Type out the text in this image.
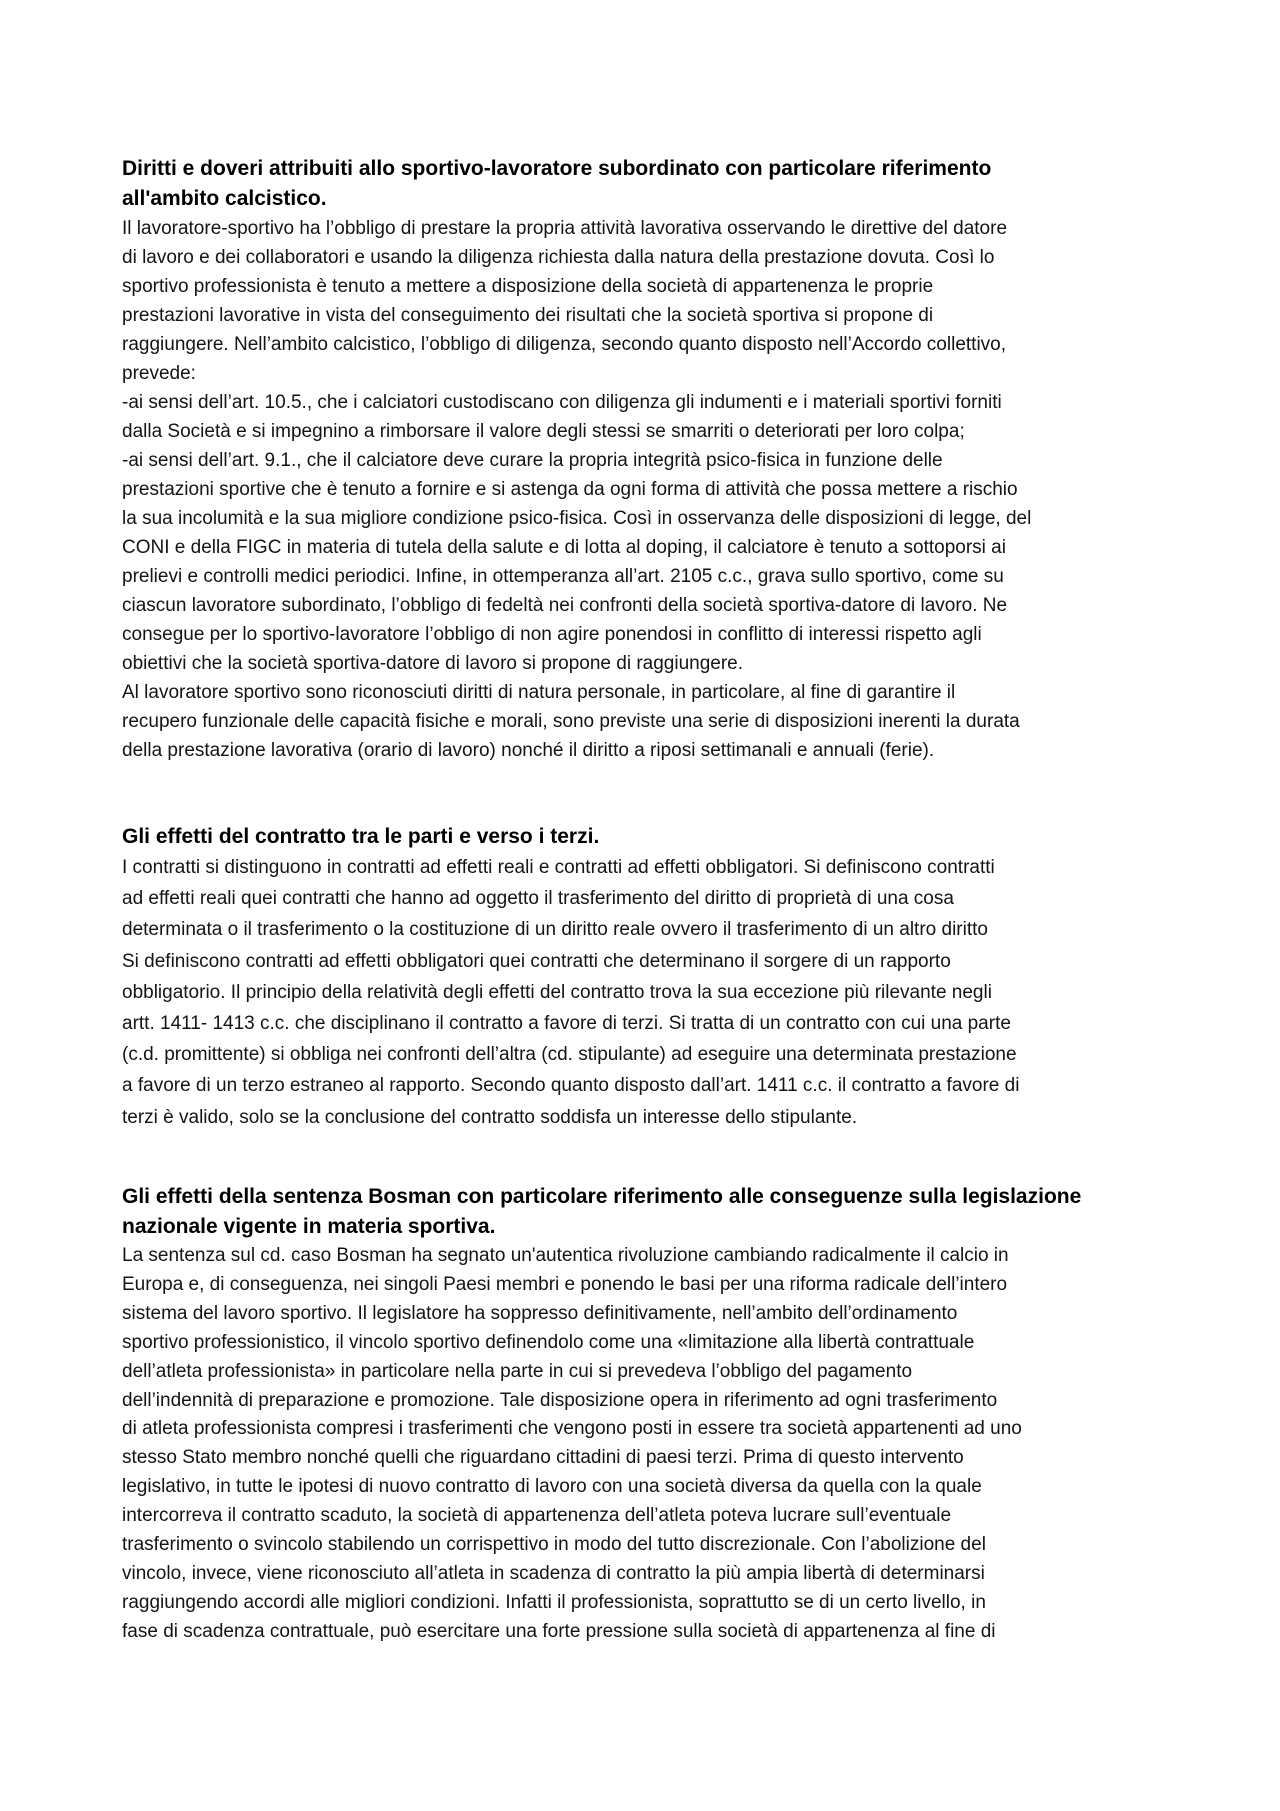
Diritti e doveri attribuiti allo sportivo-lavoratore subordinato con particolare riferimento
all'ambito calcistico.
Il lavoratore-sportivo ha l’obbligo di prestare la propria attività lavorativa osservando le direttive del datore
di lavoro e dei collaboratori e usando la diligenza richiesta dalla natura della prestazione dovuta. Così lo
sportivo professionista è tenuto a mettere a disposizione della società di appartenenza le proprie
prestazioni lavorative in vista del conseguimento dei risultati che la società sportiva si propone di
raggiungere. Nell’ambito calcistico, l’obbligo di diligenza, secondo quanto disposto nell’Accordo collettivo,
prevede:
-ai sensi dell’art. 10.5., che i calciatori custodiscano con diligenza gli indumenti e i materiali sportivi forniti
dalla Società e si impegnino a rimborsare il valore degli stessi se smarriti o deteriorati per loro colpa;
-ai sensi dell’art. 9.1., che il calciatore deve curare la propria integrità psico-fisica in funzione delle
prestazioni sportive che è tenuto a fornire e si astenga da ogni forma di attività che possa mettere a rischio
la sua incolumità e la sua migliore condizione psico-fisica. Così in osservanza delle disposizioni di legge, del
CONI e della FIGC in materia di tutela della salute e di lotta al doping, il calciatore è tenuto a sottoporsi ai
prelievi e controlli medici periodici. Infine, in ottemperanza all’art. 2105 c.c., grava sullo sportivo, come su
ciascun lavoratore subordinato, l’obbligo di fedeltà nei confronti della società sportiva-datore di lavoro. Ne
consegue per lo sportivo-lavoratore l’obbligo di non agire ponendosi in conflitto di interessi rispetto agli
obiettivi che la società sportiva-datore di lavoro si propone di raggiungere.
Al lavoratore sportivo sono riconosciuti diritti di natura personale, in particolare, al fine di garantire il
recupero funzionale delle capacità fisiche e morali, sono previste una serie di disposizioni inerenti la durata
della prestazione lavorativa (orario di lavoro) nonché il diritto a riposi settimanali e annuali (ferie).
Gli effetti del contratto tra le parti e verso i terzi.
I contratti si distinguono in contratti ad effetti reali e contratti ad effetti obbligatori. Si definiscono contratti
ad effetti reali quei contratti che hanno ad oggetto il trasferimento del diritto di proprietà di una cosa
determinata o il trasferimento o la costituzione di un diritto reale ovvero il trasferimento di un altro diritto
Si definiscono contratti ad effetti obbligatori quei contratti che determinano il sorgere di un rapporto
obbligatorio. Il principio della relatività degli effetti del contratto trova la sua eccezione più rilevante negli
artt. 1411- 1413 c.c. che disciplinano il contratto a favore di terzi. Si tratta di un contratto con cui una parte
(c.d. promittente) si obbliga nei confronti dell’altra (cd. stipulante) ad eseguire una determinata prestazione
a favore di un terzo estraneo al rapporto. Secondo quanto disposto dall’art. 1411 c.c. il contratto a favore di
terzi è valido, solo se la conclusione del contratto soddisfa un interesse dello stipulante.
Gli effetti della sentenza Bosman con particolare riferimento alle conseguenze sulla legislazione
nazionale vigente in materia sportiva.
La sentenza sul cd. caso Bosman ha segnato un'autentica rivoluzione cambiando radicalmente il calcio in
Europa e, di conseguenza, nei singoli Paesi membri e ponendo le basi per una riforma radicale dell’intero
sistema del lavoro sportivo. Il legislatore ha soppresso definitivamente, nell’ambito dell’ordinamento
sportivo professionistico, il vincolo sportivo definendolo come una «limitazione alla libertà contrattuale
dell’atleta professionista» in particolare nella parte in cui si prevedeva l’obbligo del pagamento
dell’indennità di preparazione e promozione. Tale disposizione opera in riferimento ad ogni trasferimento
di atleta professionista compresi i trasferimenti che vengono posti in essere tra società appartenenti ad uno
stesso Stato membro nonché quelli che riguardano cittadini di paesi terzi. Prima di questo intervento
legislativo, in tutte le ipotesi di nuovo contratto di lavoro con una società diversa da quella con la quale
intercorreva il contratto scaduto, la società di appartenenza dell’atleta poteva lucrare sull’eventuale
trasferimento o svincolo stabilendo un corrispettivo in modo del tutto discrezionale. Con l’abolizione del
vincolo, invece, viene riconosciuto all’atleta in scadenza di contratto la più ampia libertà di determinarsi
raggiungendo accordi alle migliori condizioni. Infatti il professionista, soprattutto se di un certo livello, in
fase di scadenza contrattuale, può esercitare una forte pressione sulla società di appartenenza al fine di
